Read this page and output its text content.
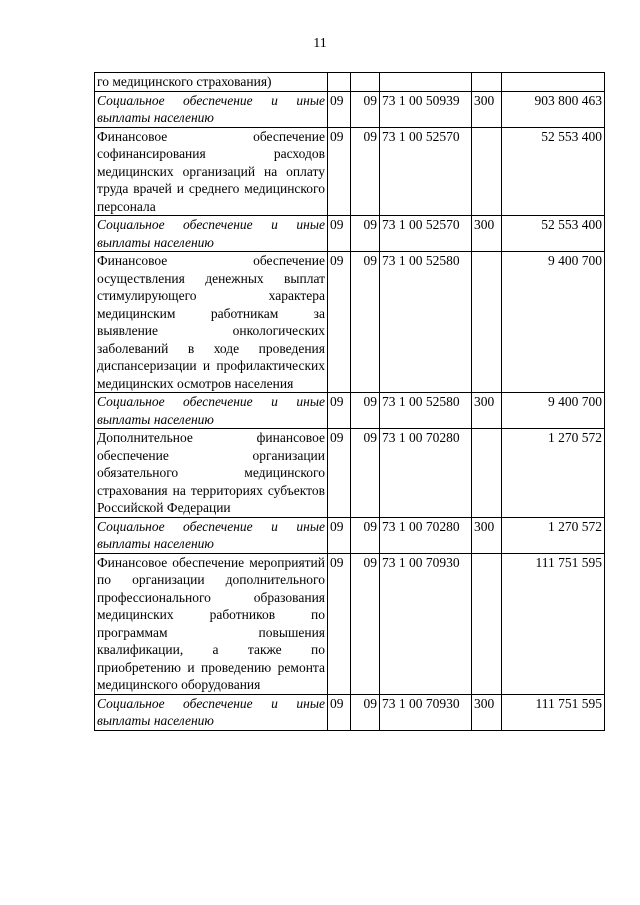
11
го медицинского страхования)					
Социальное обеспечение и иные выплаты населению	09	09	73 1 00 50939	300	903 800 463
Финансовое обеспечение софинансирования расходов медицинских организаций на оплату труда врачей и среднего медицинского персонала	09	09	73 1 00 52570		52 553 400
Социальное обеспечение и иные выплаты населению	09	09	73 1 00 52570	300	52 553 400
Финансовое обеспечение осуществления денежных выплат стимулирующего характера медицинским работникам за выявление онкологических заболеваний в ходе проведения диспансеризации и профилактических медицинских осмотров населения	09	09	73 1 00 52580		9 400 700
Социальное обеспечение и иные выплаты населению	09	09	73 1 00 52580	300	9 400 700
Дополнительное финансовое обеспечение организации обязательного медицинского страхования на территориях субъектов Российской Федерации	09	09	73 1 00 70280		1 270 572
Социальное обеспечение и иные выплаты населению	09	09	73 1 00 70280	300	1 270 572
Финансовое обеспечение мероприятий по организации дополнительного профессионального образования медицинских работников по программам повышения квалификации, а также по приобретению и проведению ремонта медицинского оборудования	09	09	73 1 00 70930		111 751 595
Социальное обеспечение и иные выплаты населению	09	09	73 1 00 70930	300	111 751 595
